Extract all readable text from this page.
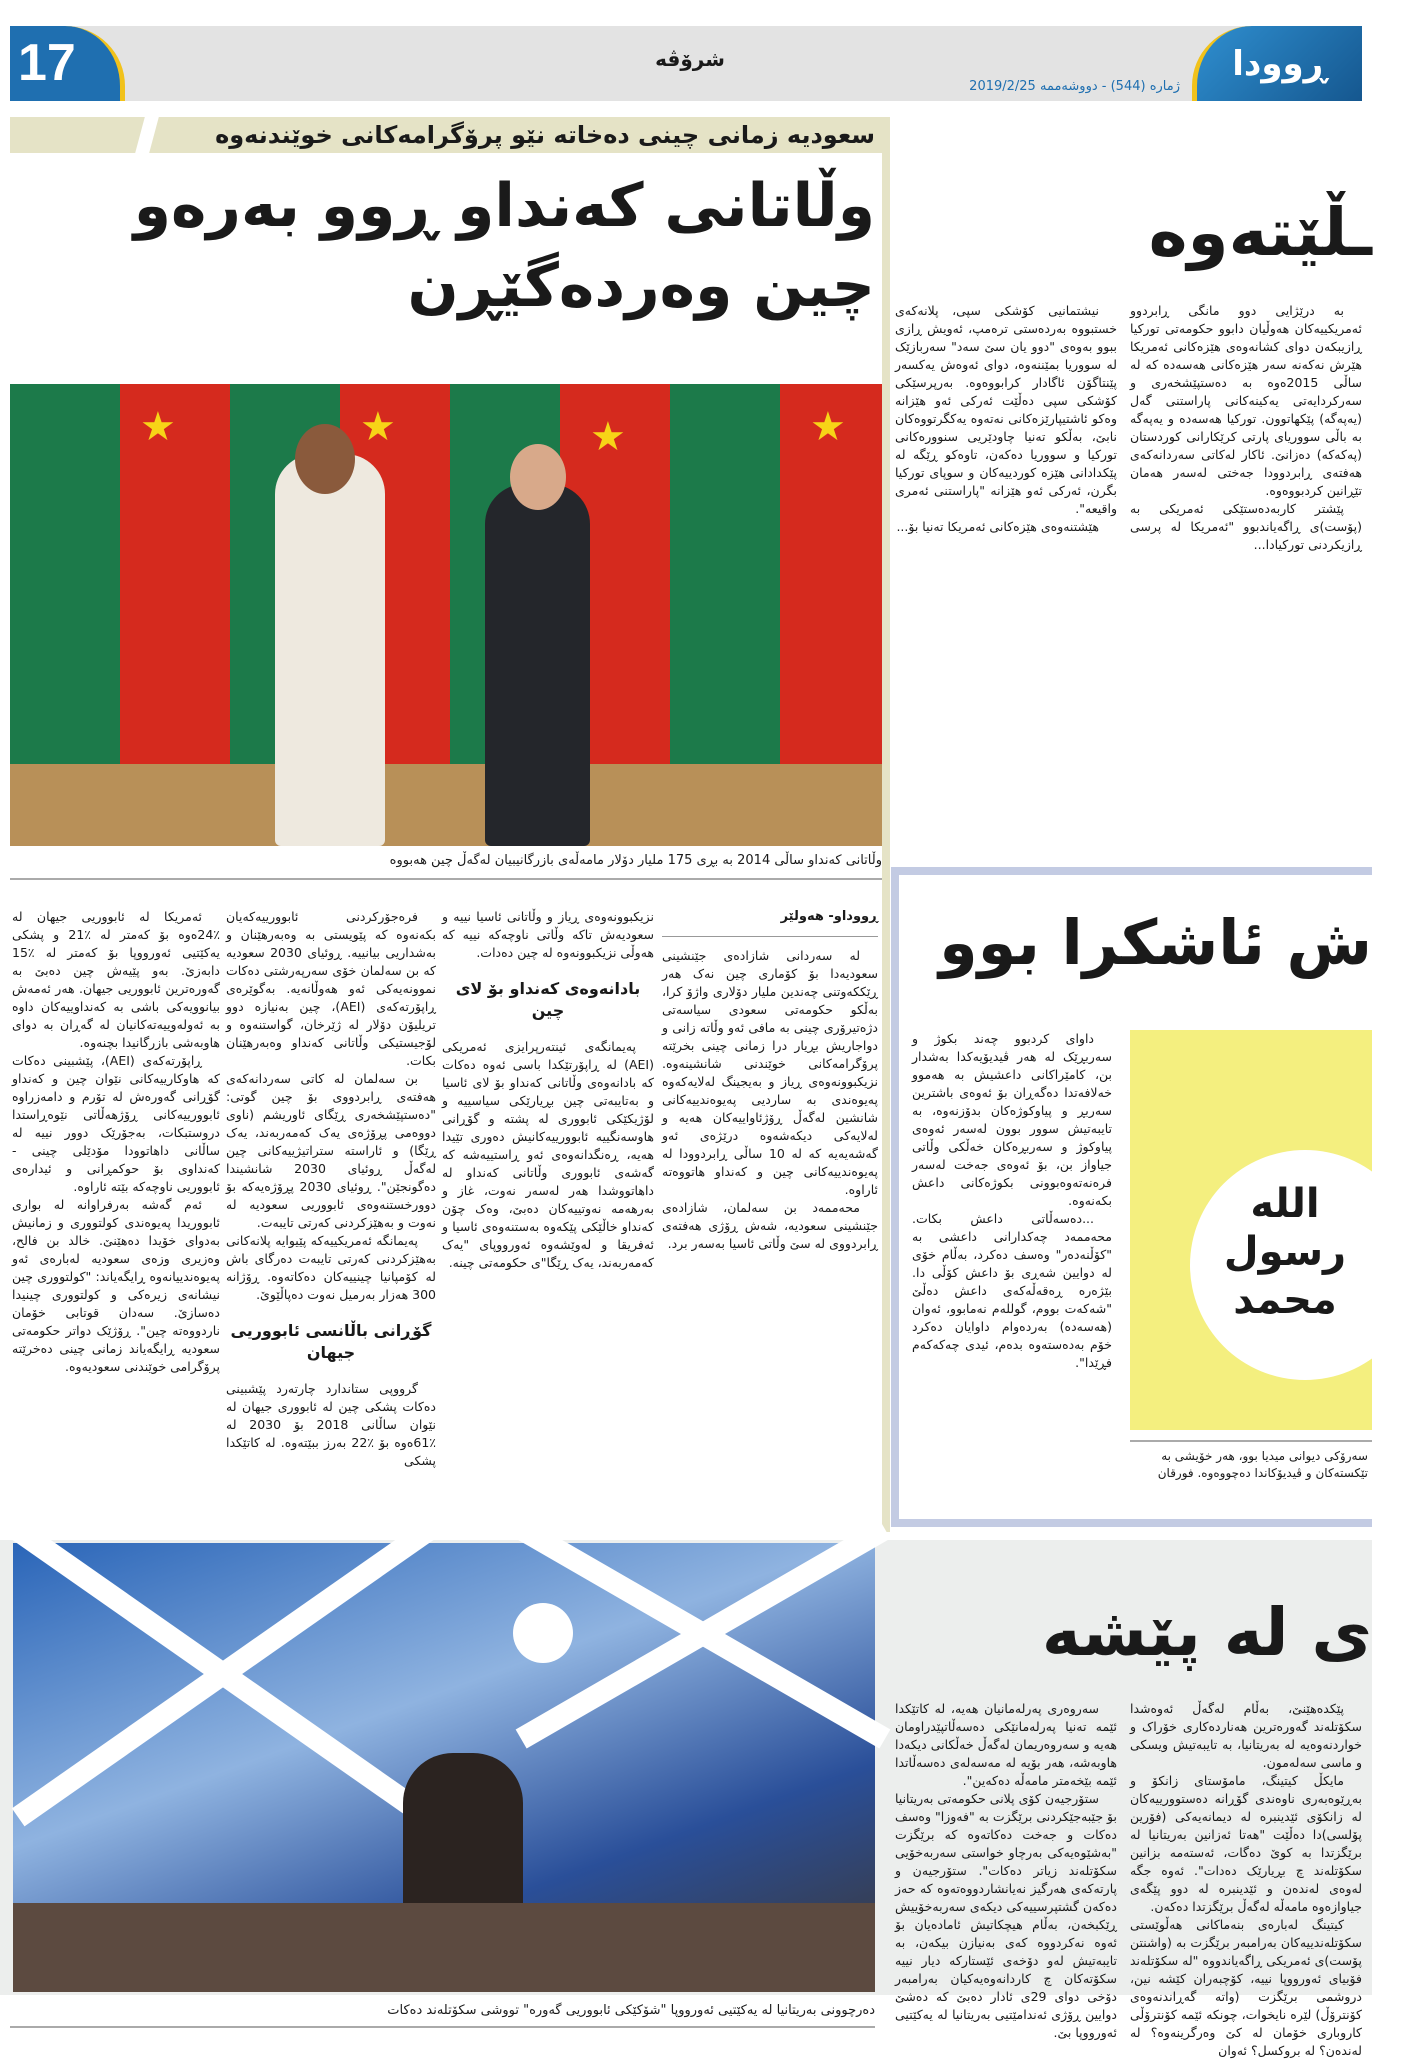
17	ڕوودا
شرۆڤە
ژمارە (544) - دووشەممە 2019/2/25
سعودیە زمانی چینی دەخاتە نێو پرۆگرامەکانی خوێندنەوە
وڵاتانی کەنداو ڕوو بەرەو
چین وەردەگێڕن
★	★	★	★
وڵاتانی کەنداو ساڵی 2014 بە بڕی 175 ملیار دۆلار مامەڵەی بازرگانیبیان لەگەڵ چین هەبووە
ڕووداو- هەولێر

لە سەردانی شازادەی جێنشینی سعودیەدا بۆ کۆماری چین نەک هەر ڕێککەوتنی چەندین ملیار دۆلاری واژۆ کرا، بەڵکو حکومەتی سعودی سیاسەتی دژەتیرۆری چینی بە مافی ئەو وڵاتە زانی و دواجاریش بڕیار درا زمانی چینی بخرێتە پرۆگرامەکانی خوێندنی شانشینەوە. نزیکبوونەوەی ڕیاز و بەیجینگ لەلایەکەوە پەیوەندی بە ساردیی پەیوەندییەکانی شانشین لەگەڵ ڕۆژئاواییەکان هەیە و لەلایەکی دیکەشەوە درێژەی ئەو گەشەیەیە کە لە 10 ساڵی ڕابردوودا لە پەیوەندییەکانی چین و کەنداو هاتووەتە ئاراوە.

محەممەد بن سەلمان، شازادەی جێنشینی سعودیە، شەش ڕۆژی هەفتەی ڕابردووی لە سێ وڵاتی ئاسیا بەسەر برد.

نزیکبوونەوەی ڕیاز و وڵاتانی ئاسیا نییە و سعودیەش تاکە وڵاتی ناوچەکە نییە کە هەوڵی نزیکبوونەوە لە چین دەدات.
بادانەوەی کەنداو بۆ لای چین

پەیمانگەی ئینتەرپرایزی ئەمریکی (AEI) لە ڕاپۆرتێکدا باسی ئەوە دەکات کە بادانەوەی وڵاتانی کەنداو بۆ لای ئاسیا و بەتایبەتی چین بڕیارێکی سیاسییە و لۆژیکێکی ئابووری لە پشتە و گۆڕانی هاوسەنگییە ئابوورییەکانیش دەوری تێیدا هەیە، ڕەنگدانەوەی ئەو ڕاستییەشە کە گەشەی ئابووری وڵاتانی کەنداو لە داهاتووشدا هەر لەسەر نەوت، غاز و بەرهەمە نەوتییەکان دەبێ، وەک چۆن کەنداو خاڵێکی پێکەوە بەستنەوەی ئاسیا و ئەفریقا و لەوێشەوە ئەورووپای "یەک کەمەربەند، یەک ڕێگا"ی حکومەتی چینە.

فرەجۆرکردنی ئابوورییەکەیان بکەنەوە کە پێویستی بە وەبەرهێنان و بەشداریی بیانییە. ڕوئیای 2030 سعودیە کە بن سەلمان خۆی سەرپەرشتی دەکات نموونەیەکی ئەو هەوڵانەیە. بەگوێرەی ڕاپۆرتەکەی (AEI)، چین بەنیازە دوو تریلیۆن دۆلار لە ژێرخان، گواستنەوە و لۆجیستیکی وڵاتانی کەنداو وەبەرهێنان بکات.

بن سەلمان لە کاتی سەردانەکەی هەفتەی ڕابردووی بۆ چین گوتی: "دەستپێشخەری ڕێگای ئاوریشم (ناوی دووەمی پڕۆژەی یەک کەمەربەند، یەک ڕێگا) و ئاراستە ستراتیژییەکانی چین لەگەڵ ڕوئیای 2030 شانشیندا دەگونجێن". ڕوئیای 2030 پڕۆژەیەکە بۆ دوورخستنەوەی ئابووریی سعودیە لە نەوت و بەهێزکردنی کەرتی تایبەت.

پەیمانگە ئەمریکییەکە پێیوایە پلانەکانی بەهێزکردنی کەرتی تایبەت دەرگای باش لە کۆمپانیا چینییەکان دەکاتەوە. ڕۆژانە 300 هەزار بەرمیل نەوت دەپاڵێوێ.

گۆڕانی باڵانسی ئابووریی جیهان

گرووپی ستاندارد چارتەرد پێشبینی دەکات پشکی چین لە ئابووری جیهان لە نێوان ساڵانی 2018 بۆ 2030 لە ٪61ەوە بۆ ٪22 بەرز ببێتەوە. لە کاتێکدا پشکی

ئەمریکا لە ئابووریی جیهان لە ٪24ەوە بۆ کەمتر لە ٪21 و پشکی یەکێتیی ئەورووپا بۆ کەمتر لە ٪15 دابەزێ. بەو پێیەش چین دەبێ بە گەورەترین ئابووریی جیهان. هەر ئەمەش بیانوویەکی باشی بە کەنداوییەکان داوە بە ئەولەوییەتەکانیان لە گەڕان بە دوای هاوبەشی بازرگانیدا بچنەوە.

ڕاپۆرتەکەی (AEI)، پێشبینی دەکات کە هاوکارییەکانی نێوان چین و کەنداو گۆڕانی گەورەش لە تۆرم و دامەزراوە ئابوورییەکانی ڕۆژهەڵاتی نێوەڕاستدا دروستبکات، بەجۆرێک دوور نییە لە ساڵانی داهاتوودا مۆدێلی چینی - کەنداوی بۆ حوکمڕانی و ئیدارەی ئابووریی ناوچەکە بێتە ئاراوە.

ئەم گەشە بەرفراوانە لە بواری ئابووریدا پەیوەندی کولتووری و زمانیش بەدوای خۆیدا دەهێنێ. خالد بن فالح، وەزیری وزەی سعودیە لەبارەی ئەو پەیوەندییانەوە ڕایگەیاند: "کولتووری چین نیشانەی زیرەکی و کولتووری چینیدا دەسازێ. سەدان قوتابی خۆمان ناردووەتە چین". ڕۆژێک دواتر حکومەتی سعودیە ڕایگەیاند زمانی چینی دەخرێتە پرۆگرامی خوێندنی سعودیەوە.

ـڵێتەوە

بە درێژایی دوو مانگی ڕابردوو ئەمریکییەکان هەوڵیان دابوو حکومەتی تورکیا ڕازیبکەن دوای کشانەوەی هێزەکانی ئەمریکا هێرش نەکەنە سەر هێزەکانی هەسەدە کە لە ساڵی 2015ەوە بە دەستپێشخەری و سەرکردایەتی یەکینەکانی پاراستنی گەل (یەپەگە) پێکهاتوون. تورکیا هەسەدە و یەپەگە بە باڵی سووریای پارتی کرێکارانی کوردستان (پەکەکە) دەزانێ. ئاکار لەکاتی سەردانەکەی هەفتەی ڕابردوودا جەختی لەسەر هەمان تێڕانین کردبووەوە.

پێشتر کاربەدەستێکی ئەمریکی بە (پۆست)ی ڕاگەیاندبوو "ئەمریکا لە پرسی ڕازیکردنی تورکیادا...

نیشتمانیی کۆشکی سپی، پلانەکەی خستبووە بەردەستی ترەمپ، ئەویش ڕازی ببوو بەوەی "دوو یان سێ سەد" سەربازێک لە سووریا بمێننەوە، دوای ئەوەش یەکسەر پێنتاگۆن ئاگادار کرابووەوە. بەرپرسێکی کۆشکی سپی دەڵێت ئەرکی ئەو هێزانە وەکو ئاشتیپارێزەکانی نەتەوە یەکگرتووەکان نابێ، بەڵکو تەنیا چاودێریی سنوورەکانی تورکیا و سووریا دەکەن، تاوەکو ڕێگە لە پێکدادانی هێزە کوردییەکان و سوپای تورکیا بگرن، ئەرکی ئەو هێزانە "پاراستنی ئەمری واقیعە".

هێشتنەوەی هێزەکانی ئەمریکا تەنیا بۆ...

ش ئاشکرا بوو

داوای کردبوو چەند بکوژ و سەربڕێک لە هەر ڤیدیۆیەکدا بەشدار بن، کامێراکانی داعشیش بە هەموو خەلافەتدا دەگەڕان بۆ ئەوەی باشترین سەربڕ و پیاوکوژەکان بدۆزنەوە، بە تایبەتیش سوور بوون لەسەر ئەوەی پیاوکوژ و سەربڕەکان خەڵکی وڵاتی جیاواز بن، بۆ ئەوەی جەخت لەسەر فرەنەتەوەبوونی بکوژەکانی داعش بکەنەوە.

...دەسەڵاتی داعش بکات. محەممەد چەکدارانی داعشی بە "کۆڵنەدەر" وەسف دەکرد، بەڵام خۆی لە دوایین شەڕی بۆ داعش کۆڵی دا. بێژەرە ڕەقەڵەکەی داعش دەڵێ "شەکەت بووم، گوللەم نەمابوو، ئەوان (هەسەدە) بەردەوام داوایان دەکرد خۆم بەدەستەوە بدەم، ئیدی چەکەکەم فڕێدا".

الله رسول محمد
سەرۆکی دیوانی میدیا بوو، هەر خۆیشی بە تێکستەکان و ڤیدیۆکاندا دەچووەوە. فورقان
ی لە پێشە

پێکدەهێنێ، بەڵام لەگەڵ ئەوەشدا سکۆتلەند گەورەترین هەناردەکاری خۆراک و خواردنەوەیە لە بەریتانیا، بە تایبەتیش ویسکی و ماسی سەلەمون.

مایکڵ کیتینگ، مامۆستای زانکۆ و بەڕێوەبەری ناوەندی گۆڕانە دەستوورییەکان لە زانکۆی ئێدینبرە لە دیمانەیەکی (فۆرین پۆلسی)دا دەڵێت "هەتا ئەزانین بەریتانیا لە برێگزتدا بە کوێ دەگات، ئەستەمە بزانین سکۆتلەند چ بڕیارێک دەدات". ئەوە جگە لەوەی لەندەن و ئێدینبرە لە دوو پێگەی جیاوازەوە مامەڵە لەگەڵ برێگزتدا دەکەن.

کیتینگ لەبارەی بنەماکانی هەڵوێستی سکۆتلەندییەکان بەرامبەر برێگزت بە (واشنتن پۆست)ی ئەمریکی ڕاگەیاندووە "لە سکۆتلەند فۆبیای ئەورووپا نییە، کۆچبەران کێشە نین، دروشمی برێگزت (واتە گەڕاندنەوەی کۆنترۆڵ) لێرە نایخوات، چونکە ئێمە کۆنترۆڵی کاروباری خۆمان لە کێ وەرگرینەوە؟ لە لەندەن؟ لە بروکسل؟ ئەوان

سەروەری پەرلەمانیان هەیە، لە کاتێکدا ئێمە تەنیا پەرلەمانێکی دەسەڵاتپێدراومان هەیە و سەروەریمان لەگەڵ خەڵکانی دیکەدا هاوبەشە، هەر بۆیە لە مەسەلەی دەسەڵاتدا ئێمە بێخەمتر مامەڵە دەکەین".

ستۆرجیەن کۆی پلانی حکومەتی بەریتانیا بۆ جێبەجێکردنی برێگزت بە "فەوزا" وەسف دەکات و جەخت دەکاتەوە کە برێگزت "بەشێوەیەکی بەرچاو خواستی سەربەخۆیی سکۆتلەند زیاتر دەکات". ستۆرجیەن و پارتەکەی هەرگیز نەیانشاردووەتەوە کە حەز دەکەن گشتپرسییەکی دیکەی سەربەخۆییش ڕێکبخەن، بەڵام هیچکاتیش ئامادەیان بۆ ئەوە نەکردووە کەی بەنیازن بیکەن، بە تایبەتیش لەو دۆخەی ئێستارکە دیار نییە سکۆتەکان چ کاردانەوەیەکیان بەرامبەر دۆخی دوای 29ی ئادار دەبێ کە دەشێ دوایین ڕۆژی ئەندامێتیی بەریتانیا لە یەکێتیی ئەورووپا بێ.

دەرچوونی بەریتانیا لە یەکێتیی ئەورووپا "شۆکێکی ئابووریی گەورە" تووشی سکۆتلەند دەکات
